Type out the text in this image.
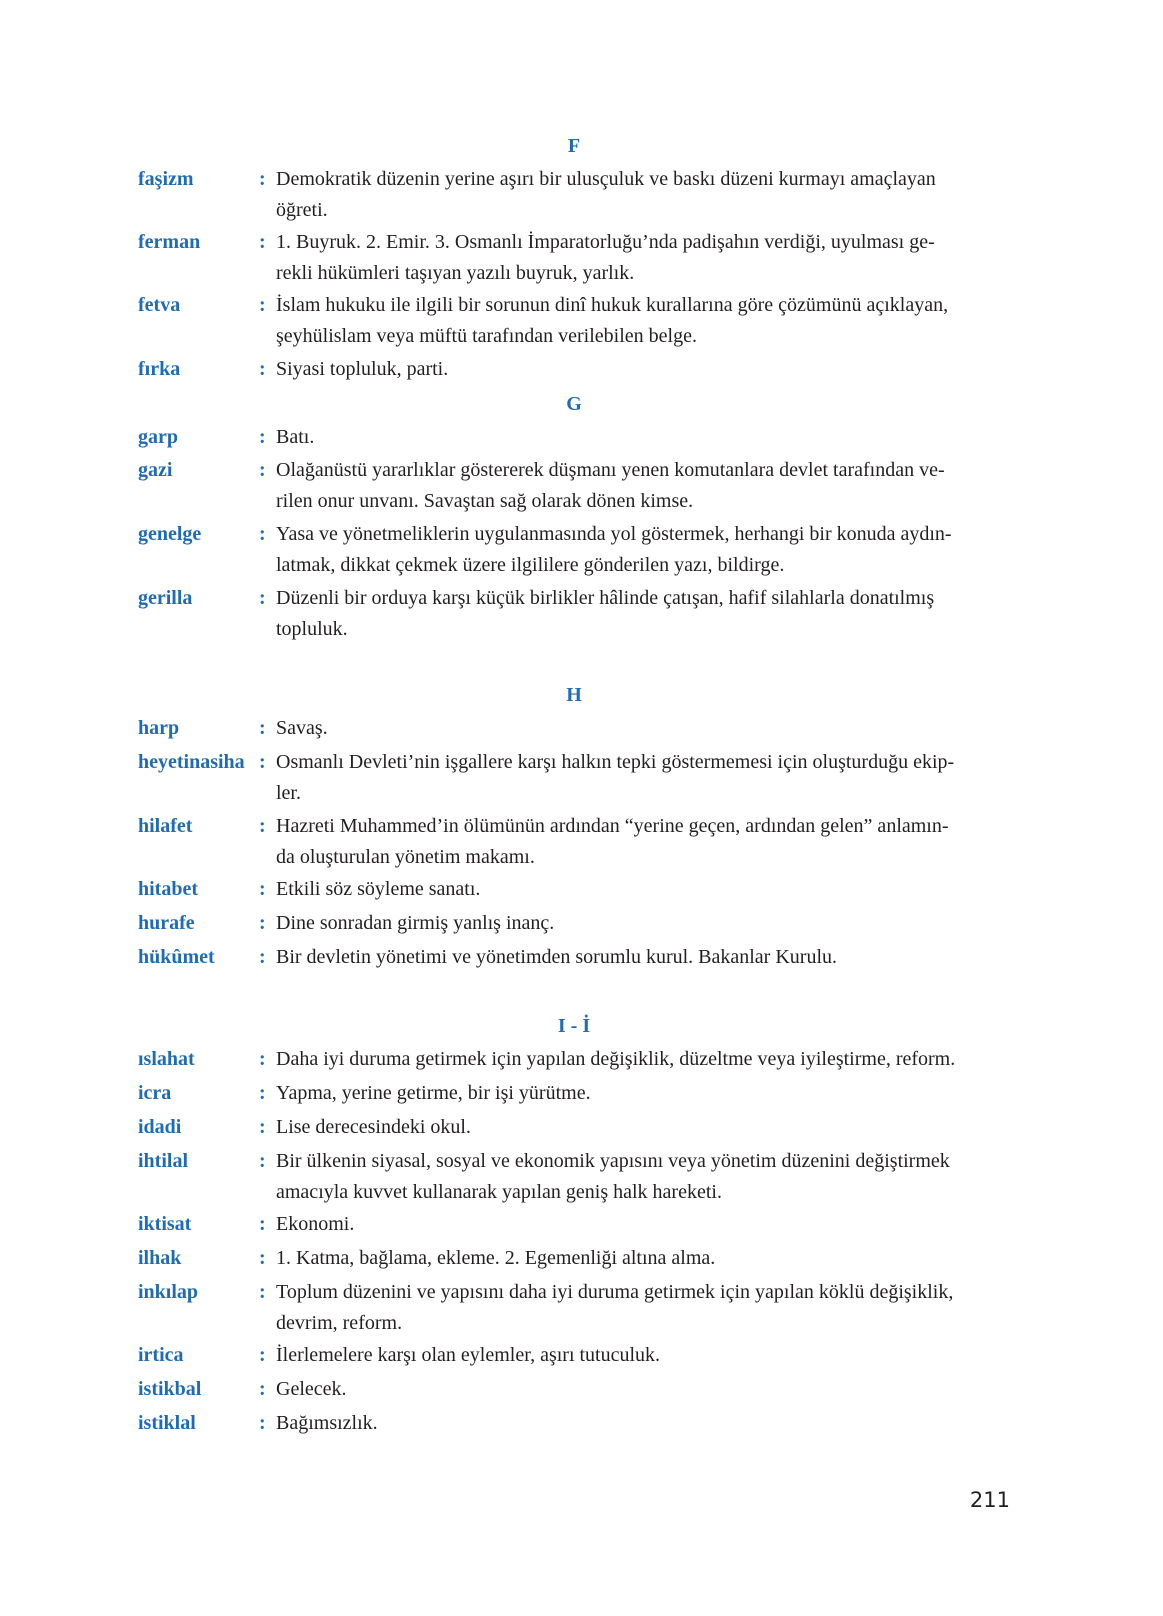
F
faşizm	: Demokratik düzenin yerine aşırı bir ulusçuluk ve baskı düzeni kurmayı amaçlayan
öğreti.
ferman	: 1. Buyruk. 2. Emir. 3. Osmanlı İmparatorluğu’nda padişahın verdiği, uyulması ge-
rekli hükümleri taşıyan yazılı buyruk, yarlık.
fetva	: İslam hukuku ile ilgili bir sorunun dinî hukuk kurallarına göre çözümünü açıklayan,
şeyhülislam veya müftü tarafından verilebilen belge.
fırka	: Siyasi topluluk, parti.
G
garp	: Batı.
gazi	: Olağanüstü yararlıklar göstererek düşmanı yenen komutanlara devlet tarafından ve-
rilen onur unvanı. Savaştan sağ olarak dönen kimse.
genelge	: Yasa ve yönetmeliklerin uygulanmasında yol göstermek, herhangi bir konuda aydın-
latmak, dikkat çekmek üzere ilgililere gönderilen yazı, bildirge.
gerilla	: Düzenli bir orduya karşı küçük birlikler hâlinde çatışan, hafif silahlarla donatılmış
topluluk.
H
harp	: Savaş.
heyetinasiha : Osmanlı Devleti’nin işgallere karşı halkın tepki göstermemesi için oluşturduğu ekip-
ler.
hilafet	: Hazreti Muhammed’in ölümünün ardından “yerine geçen, ardından gelen” anlamın-
da oluşturulan yönetim makamı.
hitabet	: Etkili söz söyleme sanatı.
hurafe	: Dine sonradan girmiş yanlış inanç.
hükûmet : Bir devletin yönetimi ve yönetimden sorumlu kurul. Bakanlar Kurulu.
I - İ
ıslahat	: Daha iyi duruma getirmek için yapılan değişiklik, düzeltme veya iyileştirme, reform.
icra	: Yapma, yerine getirme, bir işi yürütme.
idadi	: Lise derecesindeki okul.
ihtilal	: Bir ülkenin siyasal, sosyal ve ekonomik yapısını veya yönetim düzenini değiştirmek
amacıyla kuvvet kullanarak yapılan geniş halk hareketi.
iktisat	: Ekonomi.
ilhak	: 1. Katma, bağlama, ekleme. 2. Egemenliği altına alma.
inkılap	: Toplum düzenini ve yapısını daha iyi duruma getirmek için yapılan köklü değişiklik,
devrim, reform.
irtica	: İlerlemelere karşı olan eylemler, aşırı tutuculuk.
istikbal	: Gelecek.
istiklal	: Bağımsızlık.
211
